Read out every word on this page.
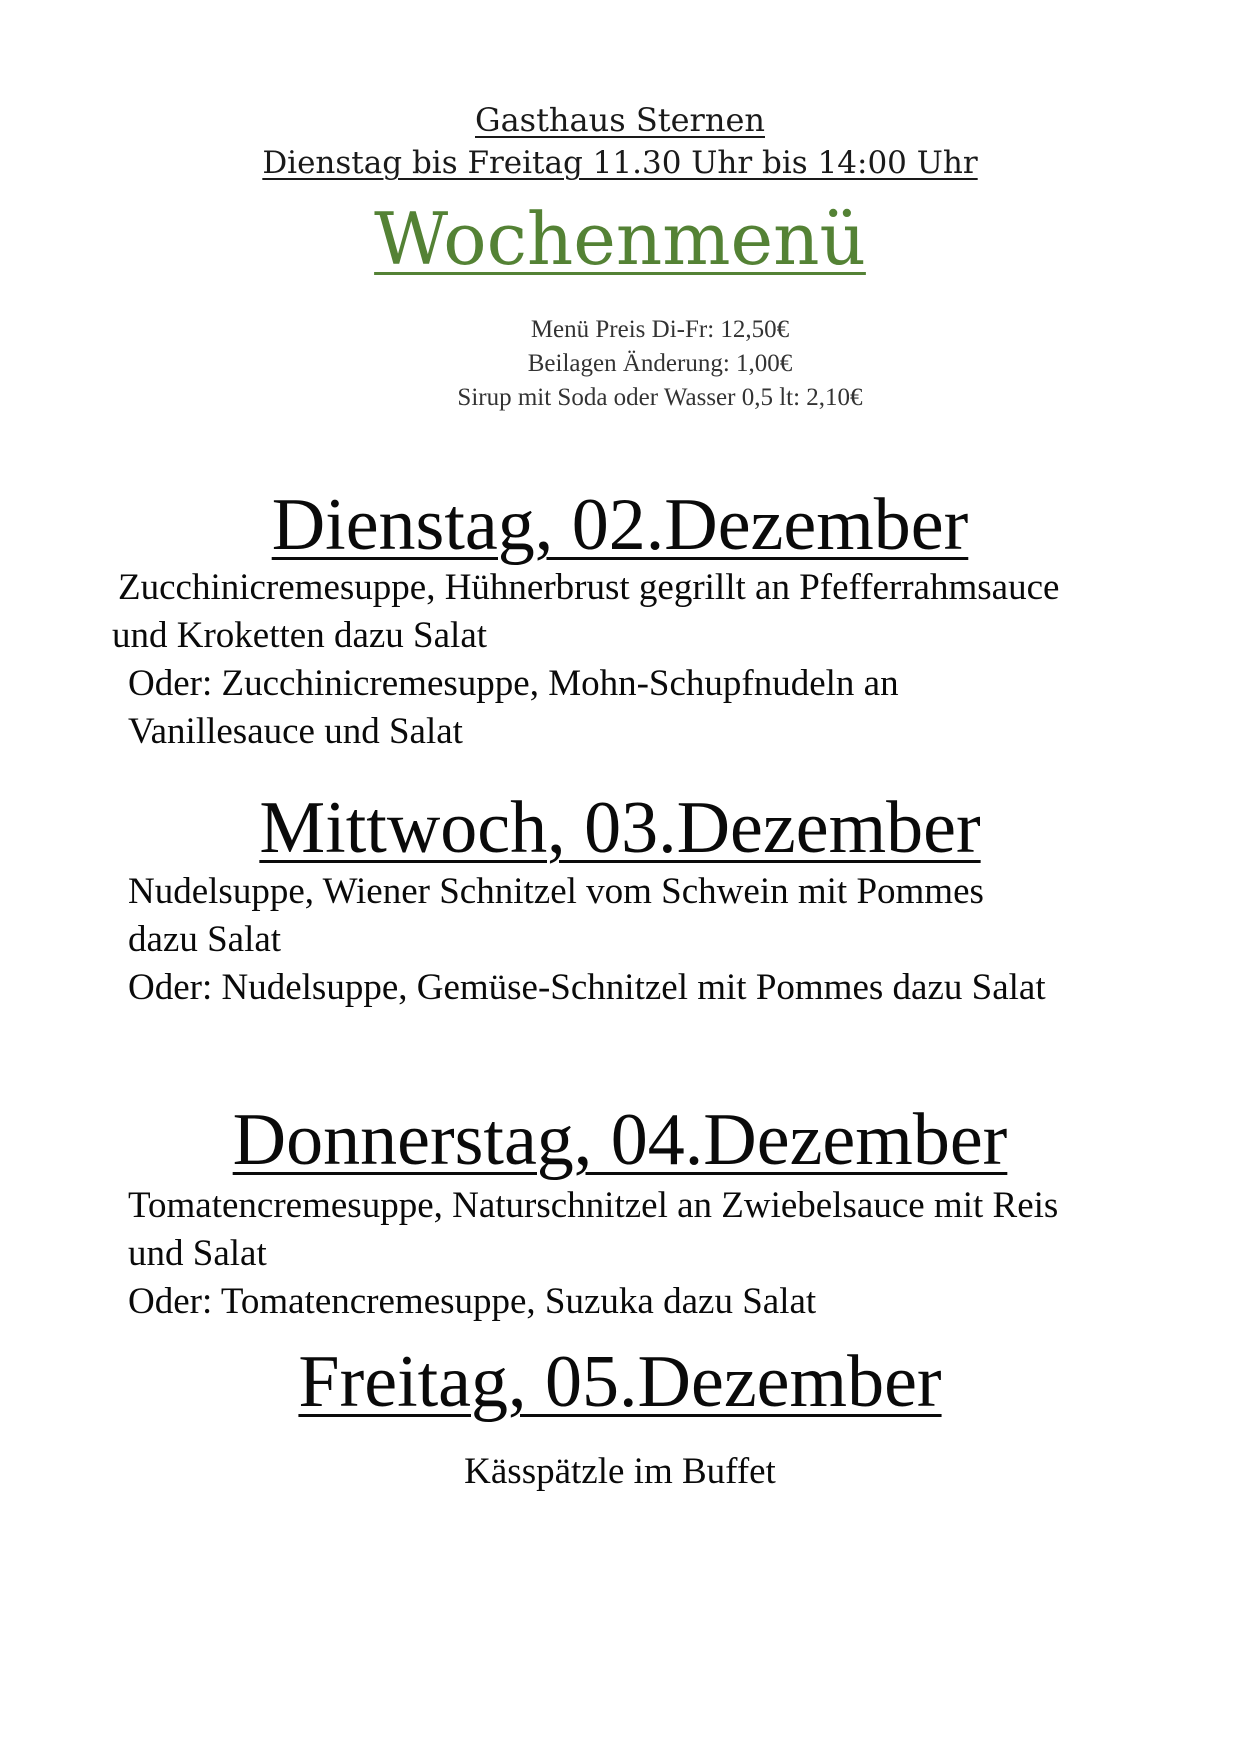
Gasthaus Sternen
Dienstag bis Freitag 11.30 Uhr bis 14:00 Uhr
Wochenmenü
Menü Preis Di-Fr: 12,50€
Beilagen Änderung: 1,00€
Sirup mit Soda oder Wasser 0,5 lt: 2,10€
Dienstag, 02.Dezember
Zucchinicremesuppe, Hühnerbrust gegrillt an Pfefferrahmsauce
und Kroketten dazu Salat
Oder: Zucchinicremesuppe, Mohn-Schupfnudeln an
Vanillesauce und Salat
Mittwoch, 03.Dezember
Nudelsuppe, Wiener Schnitzel vom Schwein mit Pommes
dazu Salat
Oder: Nudelsuppe, Gemüse-Schnitzel mit Pommes dazu Salat
Donnerstag, 04.Dezember
Tomatencremesuppe, Naturschnitzel an Zwiebelsauce mit Reis
und Salat
Oder: Tomatencremesuppe, Suzuka dazu Salat
Freitag, 05.Dezember
Kässpätzle im Buffet
